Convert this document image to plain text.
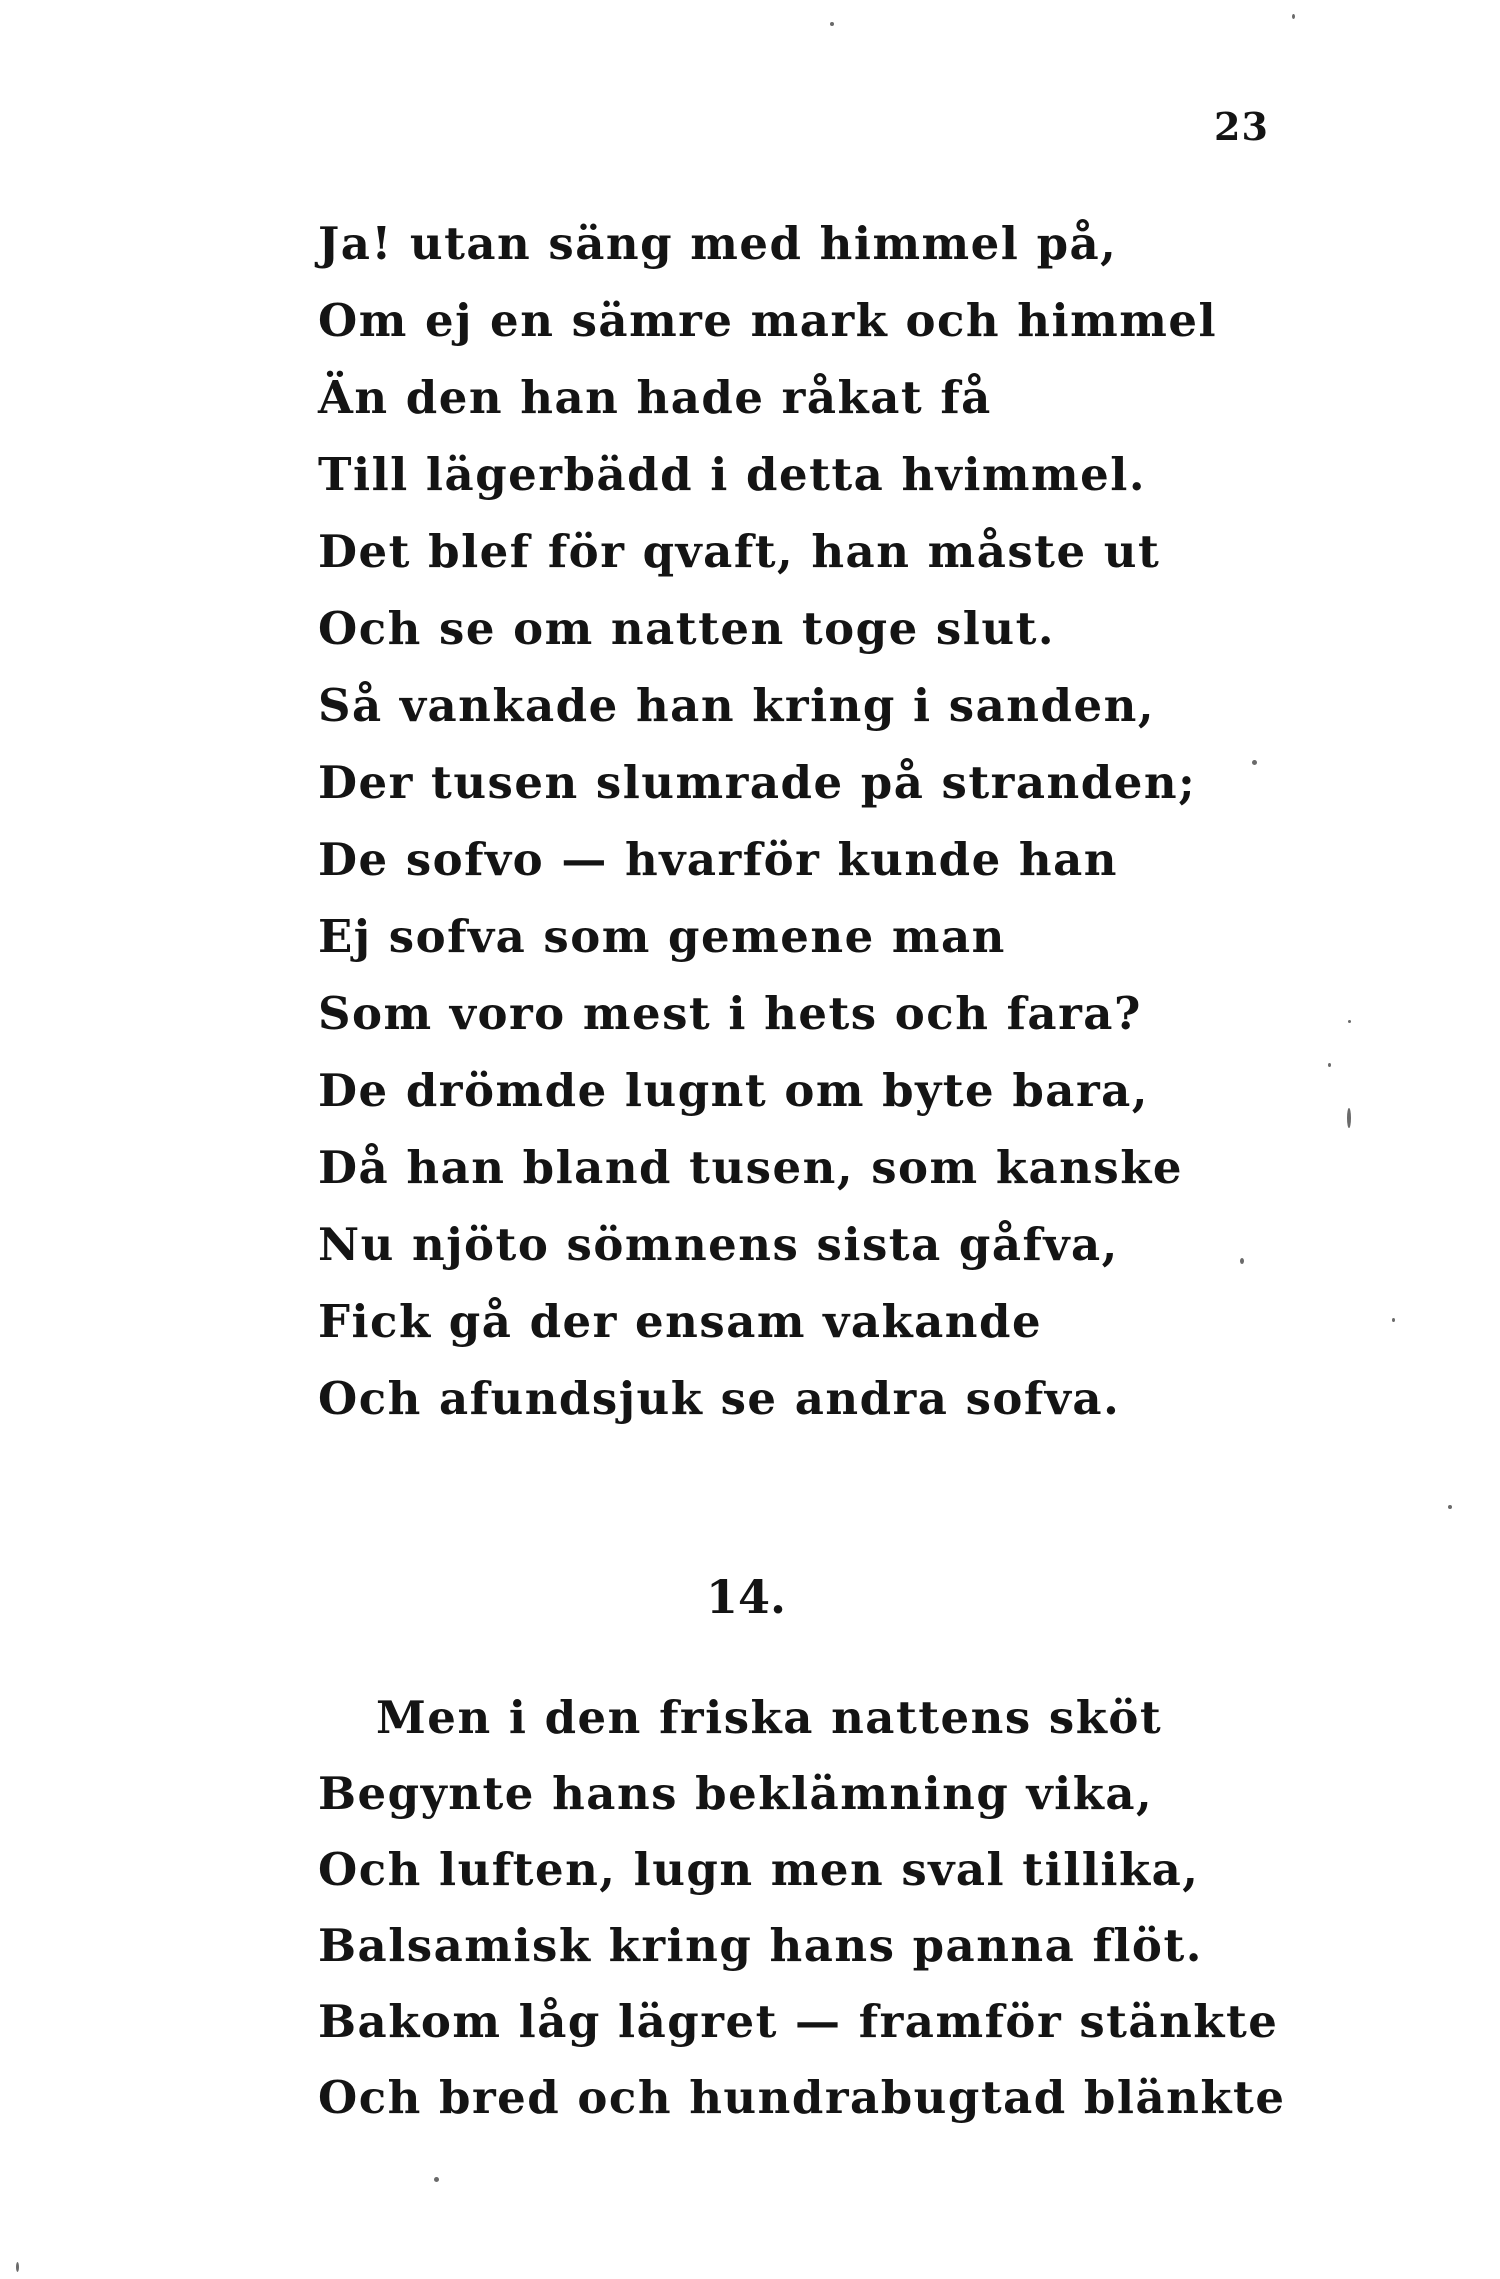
23
Ja! utan säng med himmel på,
Om ej en sämre mark och himmel
Än den han hade råkat få
Till lägerbädd i detta hvimmel.
Det blef för qvaft, han måste ut
Och se om natten toge slut.
Så vankade han kring i sanden,
Der tusen slumrade på stranden;
De sofvo — hvarför kunde han
Ej sofva som gemene man
Som voro mest i hets och fara?
De drömde lugnt om byte bara,
Då han bland tusen, som kanske
Nu njöto sömnens sista gåfva,
Fick gå der ensam vakande
Och afundsjuk se andra sofva.
14.
Men i den friska nattens sköt
Begynte hans beklämning vika,
Och luften, lugn men sval tillika,
Balsamisk kring hans panna flöt.
Bakom låg lägret — framför stänkte
Och bred och hundrabugtad blänkte
